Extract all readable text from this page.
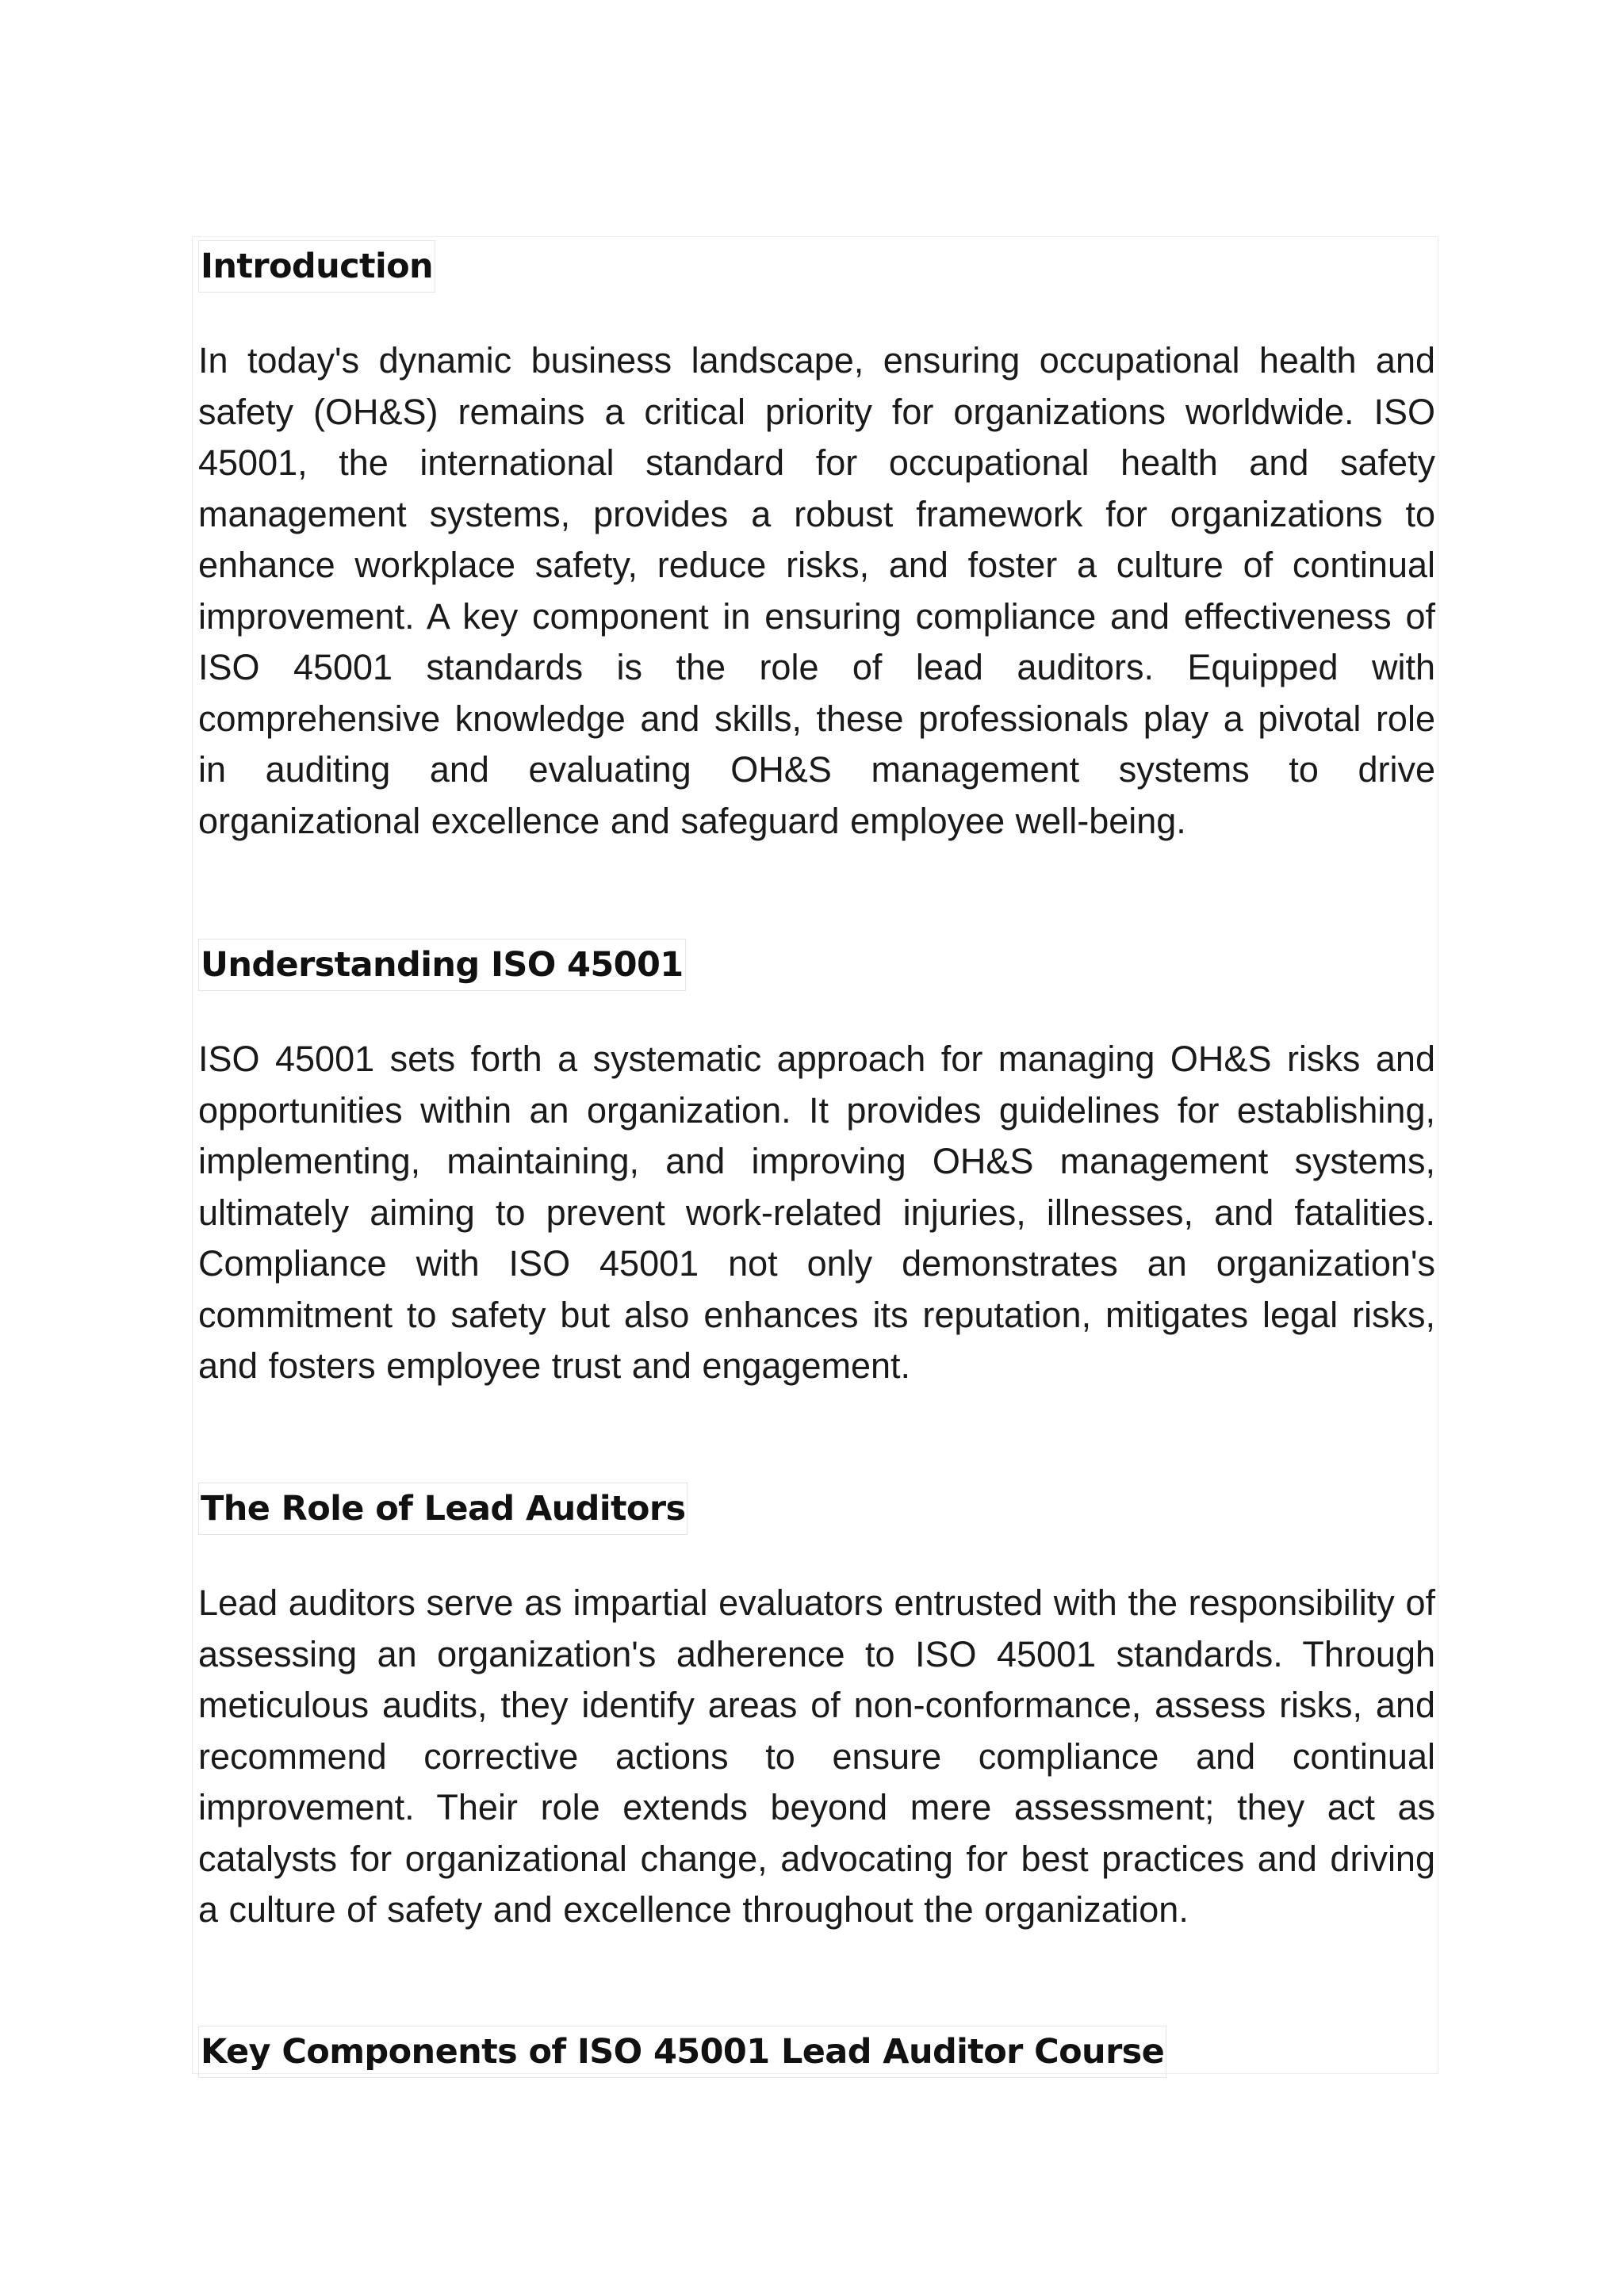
Introduction

In today's dynamic business landscape, ensuring occupational health and safety (OH&S) remains a critical priority for organizations worldwide. ISO 45001, the international standard for occupational health and safety management systems, provides a robust framework for organizations to enhance workplace safety, reduce risks, and foster a culture of continual improvement. A key component in ensuring compliance and effectiveness of ISO 45001 standards is the role of lead auditors. Equipped with comprehensive knowledge and skills, these professionals play a pivotal role in auditing and evaluating OH&S management systems to drive organizational excellence and safeguard employee well-being.

Understanding ISO 45001

ISO 45001 sets forth a systematic approach for managing OH&S risks and opportunities within an organization. It provides guidelines for establishing, implementing, maintaining, and improving OH&S management systems, ultimately aiming to prevent work-related injuries, illnesses, and fatalities. Compliance with ISO 45001 not only demonstrates an organization's commitment to safety but also enhances its reputation, mitigates legal risks, and fosters employee trust and engagement.

The Role of Lead Auditors

Lead auditors serve as impartial evaluators entrusted with the responsibility of assessing an organization's adherence to ISO 45001 standards. Through meticulous audits, they identify areas of non-conformance, assess risks, and recommend corrective actions to ensure compliance and continual improvement. Their role extends beyond mere assessment; they act as catalysts for organizational change, advocating for best practices and driving a culture of safety and excellence throughout the organization.

Key Components of ISO 45001 Lead Auditor Course
